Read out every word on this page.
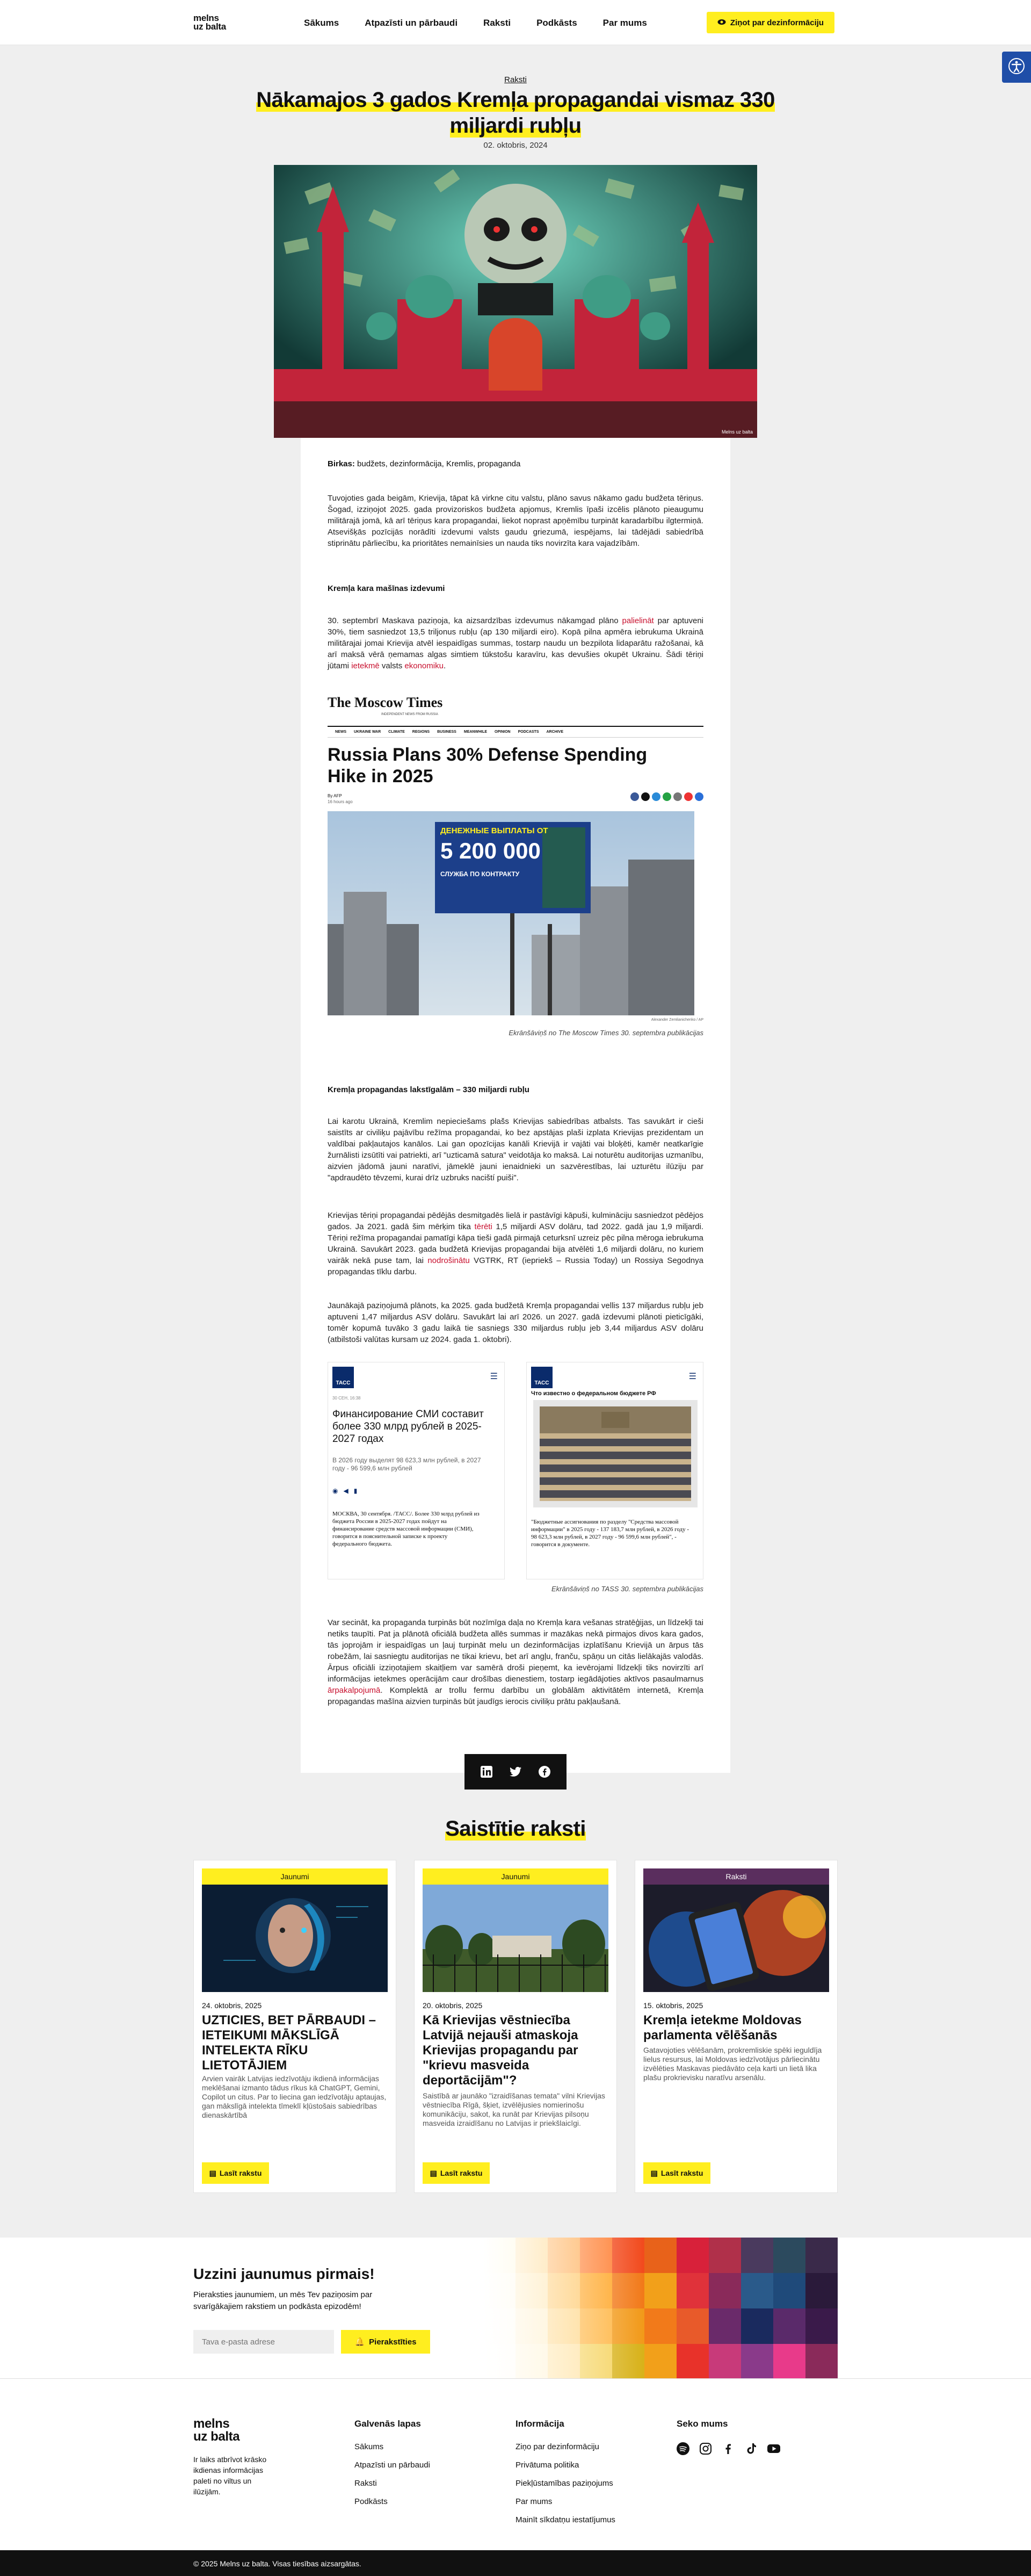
melns
uz balta	Sākums	Atpazīsti un pārbaudi	Raksti	Podkāsts	Par mums	Ziņot par dezinformāciju
Raksti
Nākamajos 3 gados Kremļa propagandai vismaz 330 miljardi rubļu
02. oktobris, 2024
Melns uz balta
Birkas: budžets, dezinformācija, Kremlis, propaganda

Tuvojoties gada beigām, Krievija, tāpat kā virkne citu valstu, plāno savus nākamo gadu budžeta tēriņus. Šogad, izziņojot 2025. gada provizoriskos budžeta apjomus, Kremlis īpaši izcēlis plānoto pieaugumu militārajā jomā, kā arī tēriņus kara propagandai, liekot noprast apņēmību turpināt karadarbību ilgtermiņā. Atsevišķās pozīcijās norādīti izdevumi valsts gaudu griezumā, iespējams, lai tādējādi sabiedrībā stiprinātu pārliecību, ka prioritātes nemainīsies un nauda tiks novirzīta kara vajadzībām.

Kremļa kara mašīnas izdevumi

30. septembrī Maskava paziņoja, ka aizsardzības izdevumus nākamgad plāno palielināt par aptuveni 30%, tiem sasniedzot 13,5 triljonus rubļu (ap 130 miljardi eiro). Kopā pilna apmēra iebrukuma Ukrainā militārajai jomai Krievija atvēl iespaidīgas summas, tostarp naudu un bezpilota lidaparātu ražošanai, kā arī maksā vērā ņemamas algas simtiem tūkstošu karavīru, kas devušies okupēt Ukrainu. Šādi tēriņi jūtami ietekmē valsts ekonomiku.

The Moscow Times
INDEPENDENT NEWS FROM RUSSIA
NEWS UKRAINE WAR CLIMATE REGIONS BUSINESS MEANWHILE OPINION PODCASTS ARCHIVE
Russia Plans 30% Defense Spending Hike in 2025
By AFP
16 hours ago
ДЕНЕЖНЫЕ ВЫПЛАТЫ ОТ
5 200 000
СЛУЖБА ПО КОНТРАКТУ
Alexander Zemlianichenko / AP
Ekrānšāviņš no The Moscow Times 30. septembra publikācijas
Kremļa propagandas lakstīgalām – 330 miljardi rubļu

Lai karotu Ukrainā, Kremlim nepieciešams plašs Krievijas sabiedrības atbalsts. Tas savukārt ir cieši saistīts ar civiliķu pajāvību režīma propagandai, ko bez apstājas plaši izplata Krievijas prezidentam un valdībai pakļautajos kanālos. Lai gan opozīcijas kanāli Krievijā ir vajāti vai bloķēti, kamēr neatkarīgie žurnālisti izsūtīti vai patriekti, arī "uzticamā satura" veidotāja ko maksā. Lai noturētu auditorijas uzmanību, aizvien jādomā jauni naratīvi, jāmeklē jauni ienaidnieki un sazvērestības, lai uzturētu ilūziju par "apdraudēto tēvzemi, kurai drīz uzbruks naciští puiši".

Krievijas tēriņi propagandai pēdējās desmitgadēs lielā ir pastāvīgi kāpuši, kulmināciju sasniedzot pēdējos gados. Ja 2021. gadā šim mērķim tika tērēti 1,5 miljardi ASV dolāru, tad 2022. gadā jau 1,9 miljardi. Tēriņi režīma propagandai pamatīgi kāpa tieši gadā pirmajā ceturksnī uzreiz pēc pilna mēroga iebrukuma Ukrainā. Savukārt 2023. gada budžetā Krievijas propagandai bija atvēlēti 1,6 miljardi dolāru, no kuriem vairāk nekā puse tam, lai nodrošinātu VGTRK, RT (iepriekš – Russia Today) un Rossiya Segodnya propagandas tīklu darbu.

Jaunākajā paziņojumā plānots, ka 2025. gada budžetā Kremļa propagandai vellis 137 miljardus rubļu jeb aptuveni 1,47 miljardus ASV dolāru. Savukārt lai arī 2026. un 2027. gadā izdevumi plānoti pieticīgāki, tomēr kopumā tuvāko 3 gadu laikā tie sasniegs 330 miljardus rubļu jeb 3,44 miljardus ASV dolāru (atbilstoši valūtas kursam uz 2024. gada 1. oktobri).

ТАСС
☰
30 СЕН, 16:38
Финансирование СМИ составит более 330 млрд рублей в 2025-2027 годах
В 2026 году выделят 98 623,3 млн рублей, в 2027 году - 96 599,6 млн рублей
◉ ◀ ▮
МОСКВА, 30 сентября. /ТАСС/. Более 330 млрд рублей из бюджета России в 2025-2027 годах пойдут на финансирование средств массовой информации (СМИ), говорится в пояснительной записке к проекту федерального бюджета.
ТАСС
☰
Что известно о федеральном бюджете РФ
"Бюджетные ассигнования по разделу "Средства массовой информации" в 2025 году - 137 183,7 млн рублей, в 2026 году - 98 623,3 млн рублей, в 2027 году - 96 599,6 млн рублей", - говорится в документе.
Ekrānšāviņš no TASS 30. septembra publikācijas

Var secināt, ka propaganda turpinās būt nozīmīga daļa no Kremļa kara vešanas stratēģijas, un līdzekļi tai netiks taupīti. Pat ja plānotā oficiālā budžeta allēs summas ir mazākas nekā pirmajos divos kara gados, tās joprojām ir iespaidīgas un ļauj turpināt melu un dezinformācijas izplatīšanu Krievijā un ārpus tās robežām, lai sasniegtu auditorijas ne tikai krievu, bet arī angļu, franču, spāņu un citās lielākajās valodās. Ārpus oficiāli izziņotajiem skaitļiem var samērā droši pieņemt, ka ievērojami līdzekļi tiks novirzīti arī informācijas ietekmes operācijām caur drošības dienestiem, tostarp iegādājoties aktīvos pasaulmarnus ārpakalpojumā. Komplektā ar trollu fermu darbību un globālām aktivitātēm internetā, Kremļa propagandas mašīna aizvien turpinās būt jaudīgs ierocis civiliķu prātu pakļaušanā.

Saistītie raksti
Jaunumi
24. oktobris, 2025
UZTICIES, BET PĀRBAUDI – IETEIKUMI MĀKSLĪGĀ INTELEKTA RĪKU LIETOTĀJIEM
Arvien vairāk Latvijas iedzīvotāju ikdienā informācijas meklēšanai izmanto tādus rīkus kā ChatGPT, Gemini, Copilot un citus. Par to liecina gan iedzīvotāju aptaujas, gan mākslīgā intelekta tīmeklī kļūstošais sabiedrības dienaskārtībā
▤ Lasīt rakstu
Jaunumi
20. oktobris, 2025
Kā Krievijas vēstniecība Latvijā nejauši atmaskoja Krievijas propagandu par "krievu masveida deportācijām"?
Saistībā ar jaunāko "izraidīšanas temata" vilni Krievijas vēstniecība Rīgā, šķiet, izvēlējusies nomierinošu komunikāciju, sakot, ka runāt par Krievijas pilsoņu masveida izraidīšanu no Latvijas ir priekšlaicīgi.
▤ Lasīt rakstu
Raksti
15. oktobris, 2025
Kremļa ietekme Moldovas parlamenta vēlēšanās
Gatavojoties vēlēšanām, prokremliskie spēki ieguldīja lielus resursus, lai Moldovas iedzīvotājus pārliecinātu izvēlēties Maskavas piedāvāto ceļa karti un lietā lika plašu prokrievisku naratīvu arsenālu.
▤ Lasīt rakstu
Uzzini jaunumus pirmais!

Pieraksties jaunumiem, un mēs Tev paziņosim par svarīgākajiem rakstiem un podkāsta epizodēm!

Tava e-pasta adrese
🔔 Pierakstīties
melns
uz balta

Ir laiks atbrīvot krāsko ikdienas informācijas paleti no viltus un ilūzijām.

Galvenās lapas
Sākums
Atpazīsti un pārbaudi
Raksti
Podkāsts
Informācija
Ziņo par dezinformāciju
Privātuma politika
Piekļūstamības paziņojums
Par mums
Mainīt sīkdatņu iestatījumus
Seko mums
© 2025 Melns uz balta. Visas tiesības aizsargātas.
